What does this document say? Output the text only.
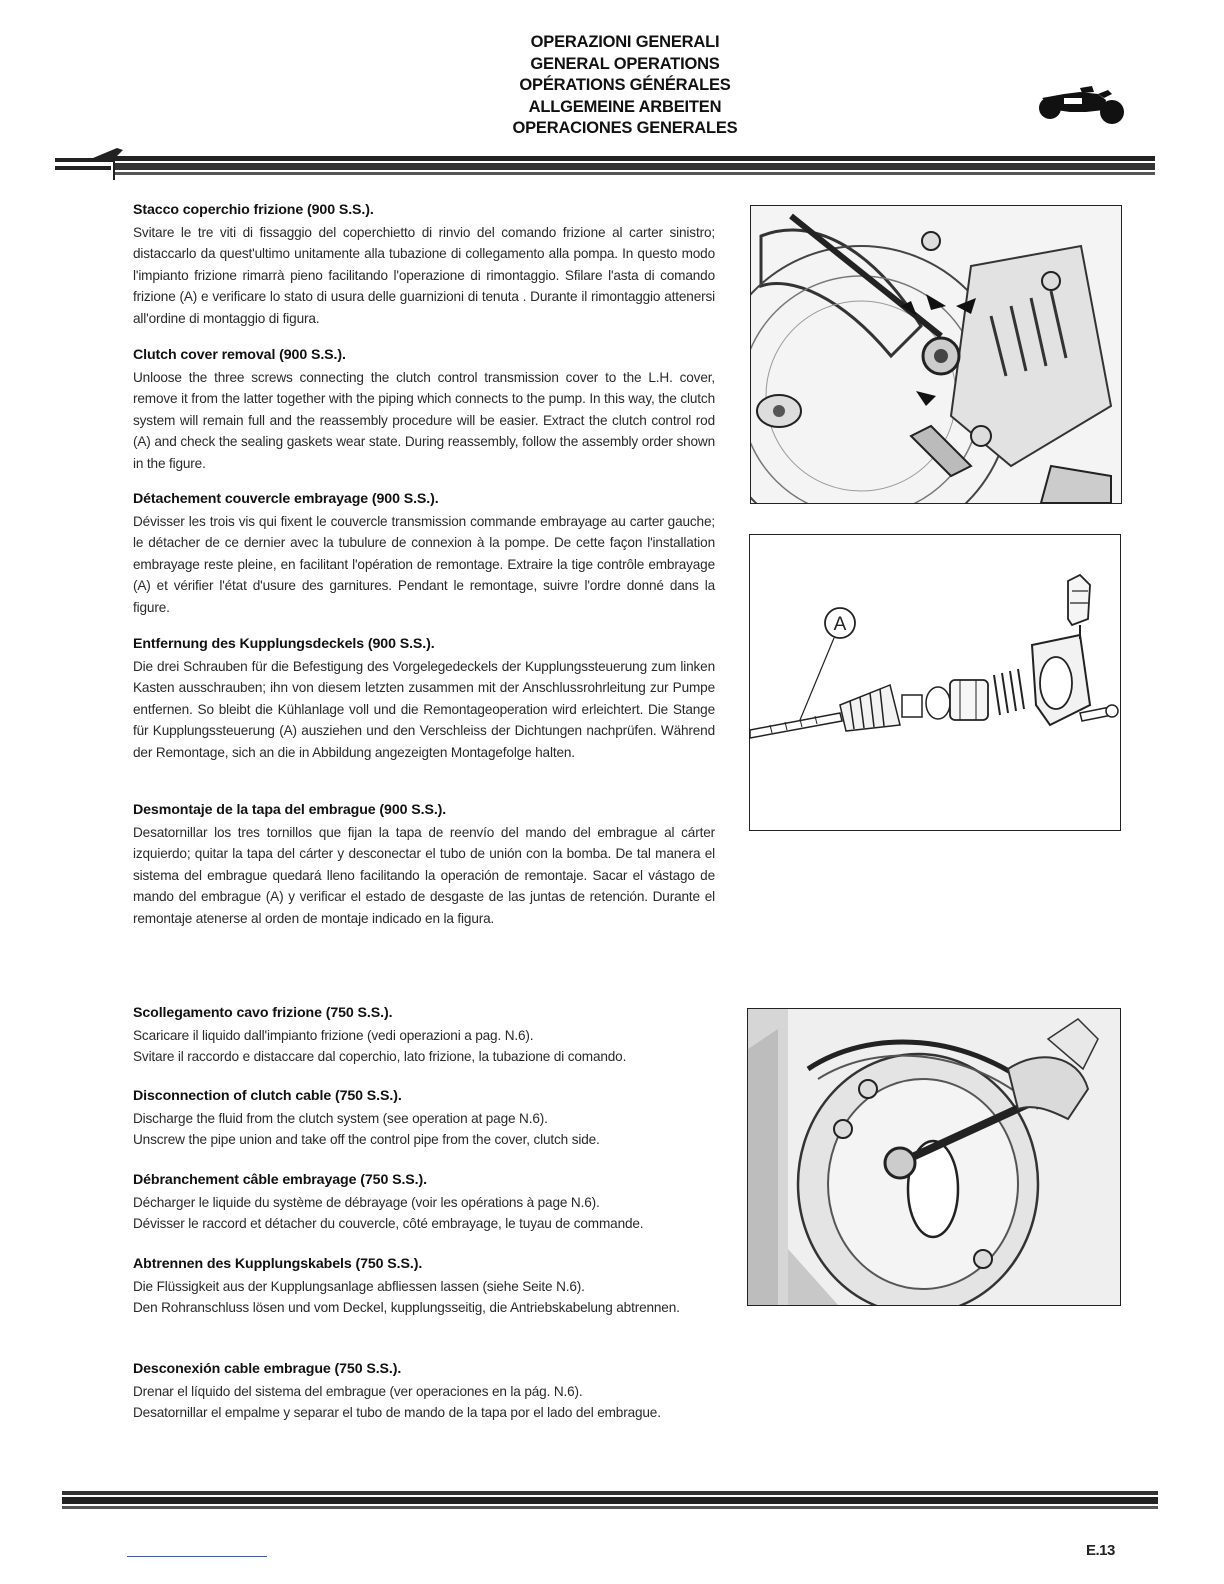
OPERAZIONI GENERALI
GENERAL OPERATIONS
OPÉRATIONS GÉNÉRALES
ALLGEMEINE ARBEITEN
OPERACIONES GENERALES
Stacco coperchio frizione (900 S.S.).

Svitare le tre viti di fissaggio del coperchietto di rinvio del comando frizione al carter sinistro; distaccarlo da quest'ultimo unitamente alla tubazione di collegamento alla pompa. In questo modo l'impianto frizione rimarrà pieno facilitando l'operazione di rimontaggio. Sfilare l'asta di comando frizione (A) e verificare lo stato di usura delle guarnizioni di tenuta . Durante il rimontaggio attenersi all'ordine di montaggio di figura.

Clutch cover removal (900 S.S.).

Unloose the three screws connecting the clutch control transmission cover to the L.H. cover, remove it from the latter together with the piping which connects to the pump. In this way, the clutch system will remain full and the reassembly procedure will be easier. Extract the clutch control rod (A) and check the sealing gaskets wear state. During reassembly, follow the assembly order shown in the figure.

Détachement couvercle embrayage (900 S.S.).

Dévisser les trois vis qui fixent le couvercle transmission commande embrayage au carter gauche; le détacher de ce dernier avec la tubulure de connexion à la pompe. De cette façon l'installation embrayage reste pleine, en facilitant l'opération de remontage. Extraire la tige contrôle embrayage (A) et vérifier l'état d'usure des garnitures. Pendant le remontage, suivre l'ordre donné dans la figure.

Entfernung des Kupplungsdeckels (900 S.S.).

Die drei Schrauben für die Befestigung des Vorgelegedeckels der Kupplungssteuerung zum linken Kasten ausschrauben; ihn von diesem letzten zusammen mit der Anschlussrohrleitung zur Pumpe entfernen. So bleibt die Kühlanlage voll und die Remontageoperation wird erleichtert. Die Stange für Kupplungssteuerung (A) ausziehen und den Verschleiss der Dichtungen nachprüfen. Während der Remontage, sich an die in Abbildung angezeigten Montagefolge halten.

Desmontaje de la tapa del embrague (900 S.S.).

Desatornillar los tres tornillos que fijan la tapa de reenvío del mando del embrague al cárter izquierdo; quitar la tapa del cárter y desconectar el tubo de unión con la bomba. De tal manera el sistema del embrague quedará lleno facilitando la operación de remontaje. Sacar el vástago de mando del embrague (A) y verificar el estado de desgaste de las juntas de retención. Durante el remontaje atenerse al orden de montaje indicado en la figura.

Scollegamento cavo frizione (750 S.S.).

Scaricare il liquido dall'impianto frizione (vedi operazioni a pag. N.6).

Svitare il raccordo e distaccare dal coperchio, lato frizione, la tubazione di comando.

Disconnection of clutch cable (750 S.S.).

Discharge the fluid from the clutch system (see operation at page N.6).

Unscrew the pipe union and take off the control pipe from the cover, clutch side.

Débranchement câble embrayage (750 S.S.).

Décharger le liquide du système de débrayage (voir les opérations à page N.6).

Dévisser le raccord et détacher du couvercle, côté embrayage, le tuyau de commande.

Abtrennen des Kupplungskabels (750 S.S.).

Die Flüssigkeit aus der Kupplungsanlage abfliessen lassen (siehe Seite N.6).

Den Rohranschluss lösen und vom Deckel, kupplungsseitig, die Antriebskabelung abtrennen.

Desconexión cable embrague (750 S.S.).

Drenar el líquido del sistema del embrague (ver operaciones en la pág. N.6).

Desatornillar el empalme y separar el tubo de mando de la tapa por el lado del embrague.

A
E.13
